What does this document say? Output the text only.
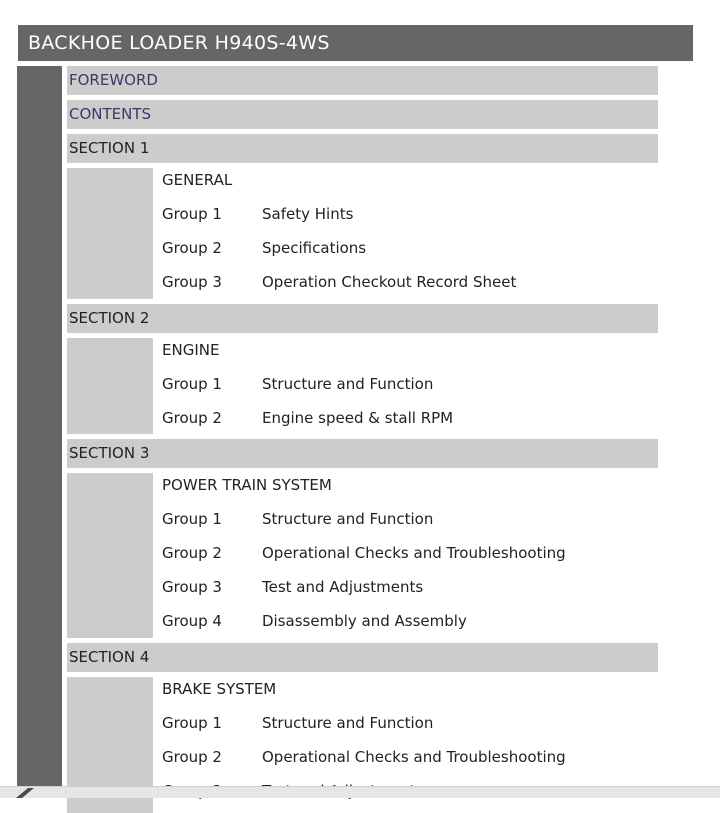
BACKHOE LOADER H940S-4WS
FOREWORD
CONTENTS
SECTION 1
GENERAL
Group 1	Safety Hints
Group 2	Specifications
Group 3	Operation Checkout Record Sheet
SECTION 2
ENGINE
Group 1	Structure and Function
Group 2	Engine speed & stall RPM
SECTION 3
POWER TRAIN SYSTEM
Group 1	Structure and Function
Group 2	Operational Checks and Troubleshooting
Group 3	Test and Adjustments
Group 4	Disassembly and Assembly
SECTION 4
BRAKE SYSTEM
Group 1	Structure and Function
Group 2	Operational Checks and Troubleshooting
